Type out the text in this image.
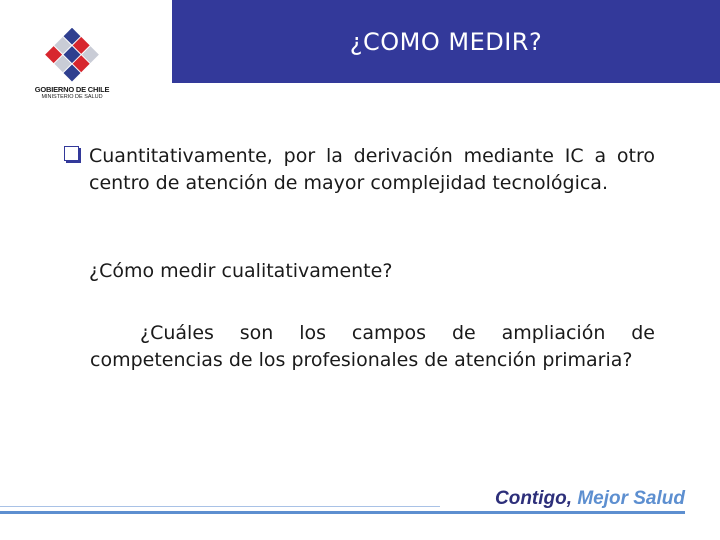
¿COMO MEDIR?
GOBIERNO DE CHILE
MINISTERIO DE SALUD
Cuantitativamente, por la derivación mediante IC a otro centro de atención de mayor complejidad tecnológica.
¿Cómo medir cualitativamente?
¿Cuáles son los campos de ampliación de competencias de los profesionales de atención primaria?
Contigo, Mejor Salud
